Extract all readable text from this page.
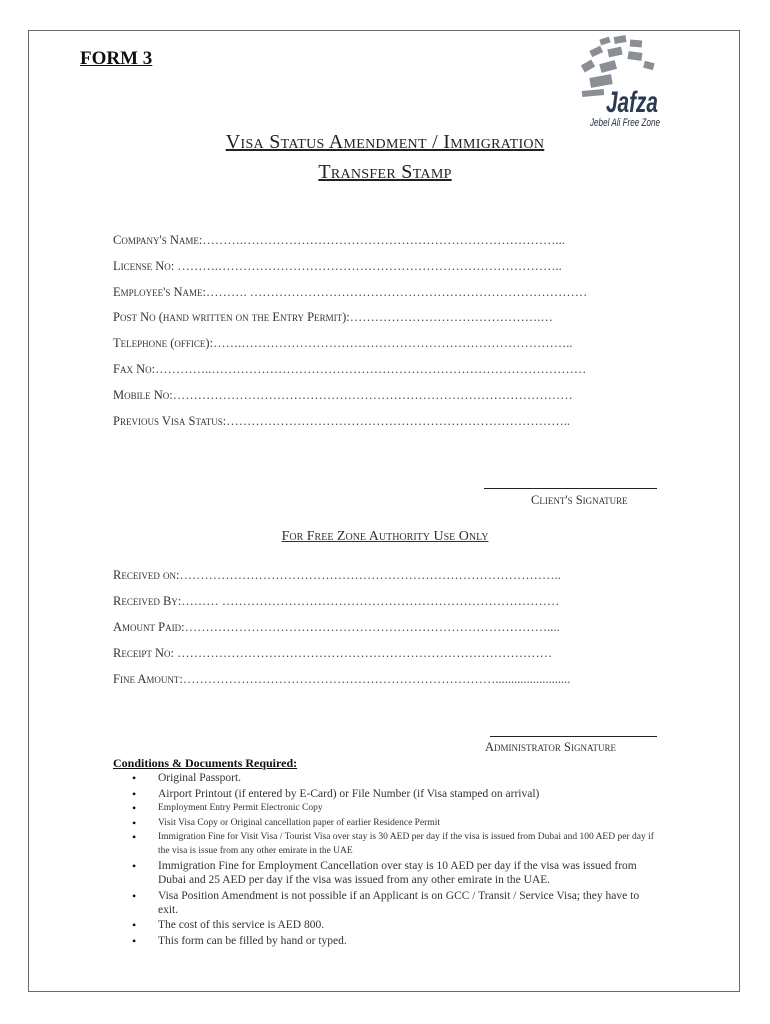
FORM 3
Jafza
Jebel Ali Free Zone
Visa Status Amendment / Immigration
Transfer Stamp
Company's Name:……….…………………………………………………………………...
License No: ……….………………………………………………………………………..
Employee's Name:………. ………………………………………………………………………
Post No (hand written on the Entry Permit):……………………………………….…
Telephone (office):…….……………………………………………………………………..
Fax No:…………..………………………………………………………………………………
Mobile No:……………………………………………………………………………………
Previous Visa Status:………………………………………………………………………..
Client's Signature
For Free Zone Authority Use Only
Received on:………………………………………………………………………………..
Received By:……… ………………………………………………………………………
Amount Paid:……………………………………………………………………………....
Receipt No: ………………………………………………………………………………
Fine Amount:…………………………………………………………………........................
Administrator Signature
Conditions & Documents Required:
• Original Passport.
• Airport Printout (if entered by E-Card) or File Number (if Visa stamped on arrival)
• Employment Entry Permit Electronic Copy
• Visit Visa Copy or Original cancellation paper of earlier Residence Permit
• Immigration Fine for Visit Visa / Tourist Visa over stay is 30 AED per day if the visa is issued from Dubai and 100 AED per day if the visa is issue from any other emirate in the UAE
• Immigration Fine for Employment Cancellation over stay is 10 AED per day if the visa was issued from Dubai and 25 AED per day if the visa was issued from any other emirate in the UAE.
• Visa Position Amendment is not possible if an Applicant is on GCC / Transit / Service Visa; they have to exit.
• The cost of this service is AED 800.
• This form can be filled by hand or typed.
